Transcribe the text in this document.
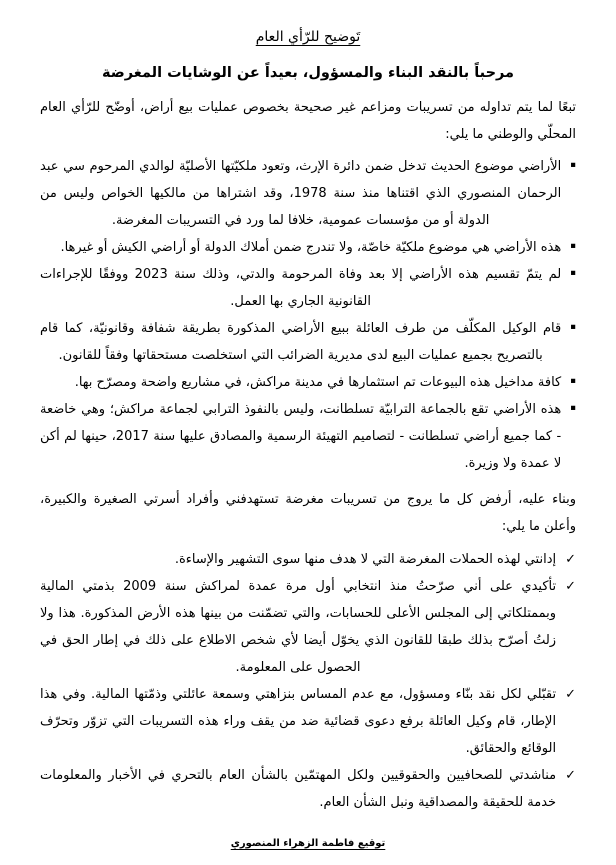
تَوضيح للرّأي العام
مرحباً بالنقد البناء والمسؤول، بعيداً عن الوشايات المغرضة

تبعًا لما يتم تداوله من تسريبات ومزاعم غير صحيحة بخصوص عمليات بيع أراض، أوضّح للرّأي العام المحلّي والوطني ما يلي:

▪
الأراضي موضوع الحديث تدخل ضمن دائرة الإرث، وتعود ملكيّتها الأصليّة لوالدي المرحوم سي عبد الرحمان المنصوري الذي اقتناها منذ سنة 1978، وقد اشتراها من مالكيها الخواص وليس من الدولة أو من مؤسسات عمومية، خلافا لما ورد في التسريبات المغرضة.
▪
هذه الأراضي هي موضوع ملكيّة خاصّة، ولا تندرج ضمن أملاك الدولة أو أراضي الكيش أو غيرها.
▪
لم يتمّ تقسيم هذه الأراضي إلا بعد وفاة المرحومة والدتي، وذلك سنة 2023 ووفقًا للإجراءات القانونية الجاري بها العمل.
▪
قام الوكيل المكلّف من طرف العائلة ببيع الأراضي المذكورة بطريقة شفافة وقانونيّة، كما قام بالتصريح بجميع عمليات البيع لدى مديرية الضرائب التي استخلصت مستحقاتها وفقاً للقانون.
▪
كافة مداخيل هذه البيوعات تم استثمارها في مدينة مراكش، في مشاريع واضحة ومصرّح بها.
▪
هذه الأراضي تقع بالجماعة الترابيّة تسلطانت، وليس بالنفوذ الترابي لجماعة مراكش؛ وهي خاضعة - كما جميع أراضي تسلطانت - لتصاميم التهيئة الرسمية والمصادق عليها سنة 2017، حينها لم أكن لا عمدة ولا وزيرة.

وبناء عليه، أرفض كل ما يروج من تسريبات مغرضة تستهدفني وأفراد أسرتي الصغيرة والكبيرة، وأعلن ما يلي:

✓
إدانتي لهذه الحملات المغرضة التي لا هدف منها سوى التشهير والإساءة.
✓
تأكيدي على أني صرّحتُ منذ انتخابي أول مرة عمدة لمراكش سنة 2009 بذمتي المالية وبممتلكاتي إلى المجلس الأعلى للحسابات، والتي تضمّنت من بينها هذه الأرض المذكورة. هذا ولا زلتُ أصرّح بذلك طبقا للقانون الذي يخوّل أيضا لأي شخص الاطلاع على ذلك في إطار الحق في الحصول على المعلومة.
✓
تقبّلي لكل نقد بنّاء ومسؤول، مع عدم المساس بنزاهتي وسمعة عائلتي وذمّتها المالية. وفي هذا الإطار، قام وكيل العائلة برفع دعوى قضائية ضد من يقف وراء هذه التسريبات التي تزوّر وتحرّف الوقائع والحقائق.
✓
مناشدتي للصحافيين والحقوقيين ولكل المهتمّين بالشأن العام بالتحري في الأخبار والمعلومات خدمة للحقيقة والمصداقية ونبل الشأن العام.
توقيع فاطمة الزهراء المنصوري
